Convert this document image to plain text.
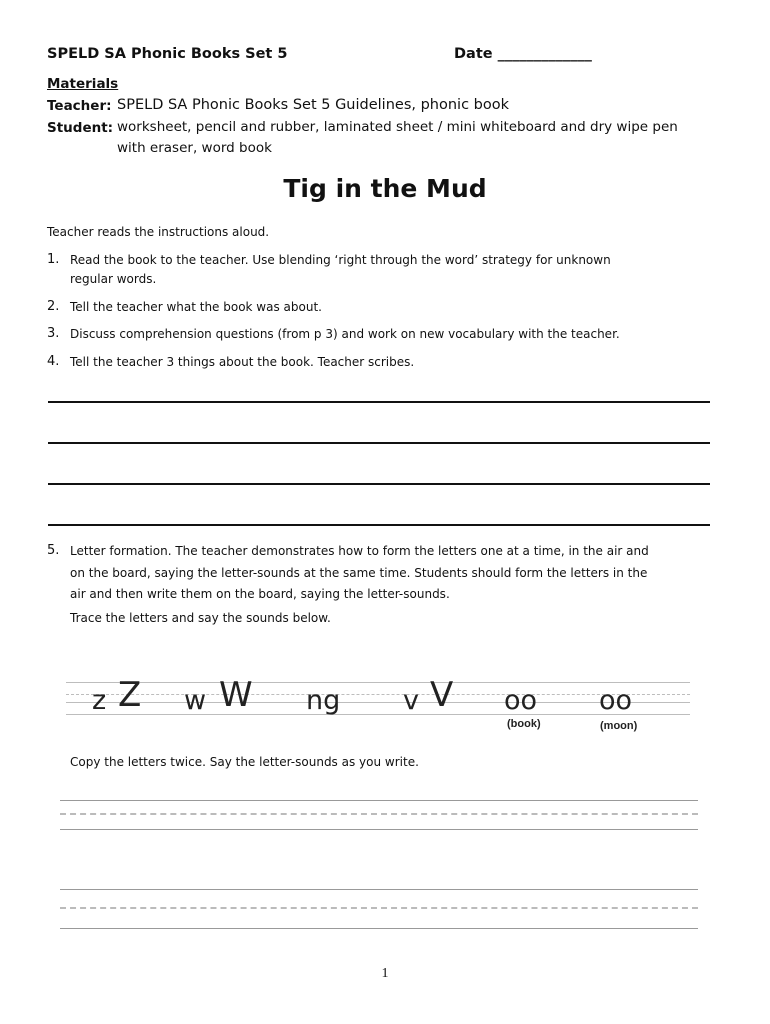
SPELD SA Phonic Books Set 5	Date _____________
Materials
Teacher: SPELD SA Phonic Books Set 5 Guidelines, phonic book
Student: worksheet, pencil and rubber, laminated sheet / mini whiteboard and dry wipe pen
with eraser, word book
Tig in the Mud
Teacher reads the instructions aloud.
1. Read the book to the teacher. Use blending ‘right through the word’ strategy for unknown
regular words.
2. Tell the teacher what the book was about.
3. Discuss comprehension questions (from p 3) and work on new vocabulary with the teacher.
4. Tell the teacher 3 things about the book. Teacher scribes.
5. Letter formation. The teacher demonstrates how to form the letters one at a time, in the air and
on the board, saying the letter-sounds at the same time. Students should form the letters in the
air and then write them on the board, saying the letter-sounds.
Trace the letters and say the sounds below.
z Z w W ng v V oo
(book)
oo
(moon)
Copy the letters twice. Say the letter-sounds as you write.
1
